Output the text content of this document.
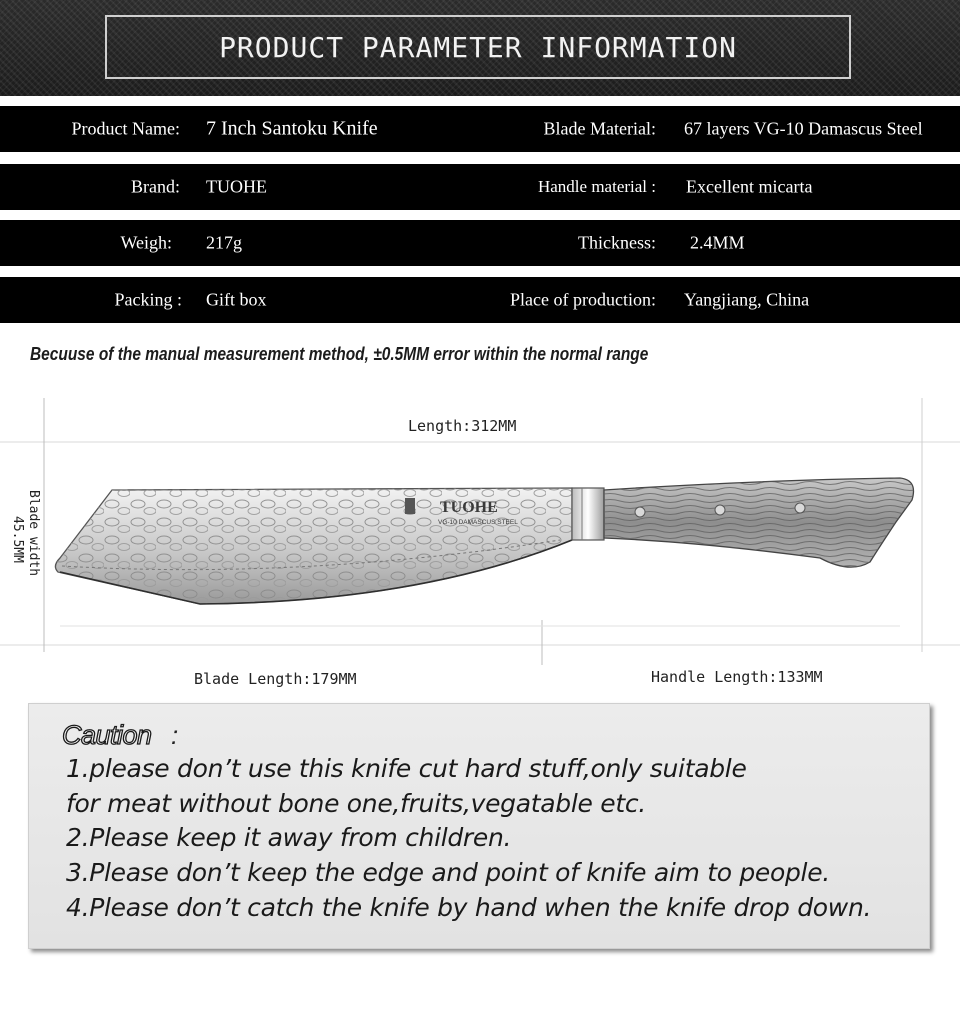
PRODUCT PARAMETER INFORMATION
Product Name: 7 Inch Santoku Knife	Blade Material: 67 layers VG-10 Damascus Steel
Brand: TUOHE	Handle material : Excellent micarta
Weigh: 217g	Thickness: 2.4MM
Packing : Gift box	Place of production: Yangjiang, China
Becuuse of the manual measurement method, ±0.5MM error within the normal range
TUOHE
VG-10 DAMASCUS STEEL
Length:312MM
Blade Length:179MM	Handle Length:133MM
Blade width
45.5MM
Caution :
1.please don’t use this knife cut hard stuff,only suitable
for meat without bone one,fruits,vegatable etc.
2.Please keep it away from children.
3.Please don’t keep the edge and point of knife aim to people.
4.Please don’t catch the knife by hand when the knife drop down.
